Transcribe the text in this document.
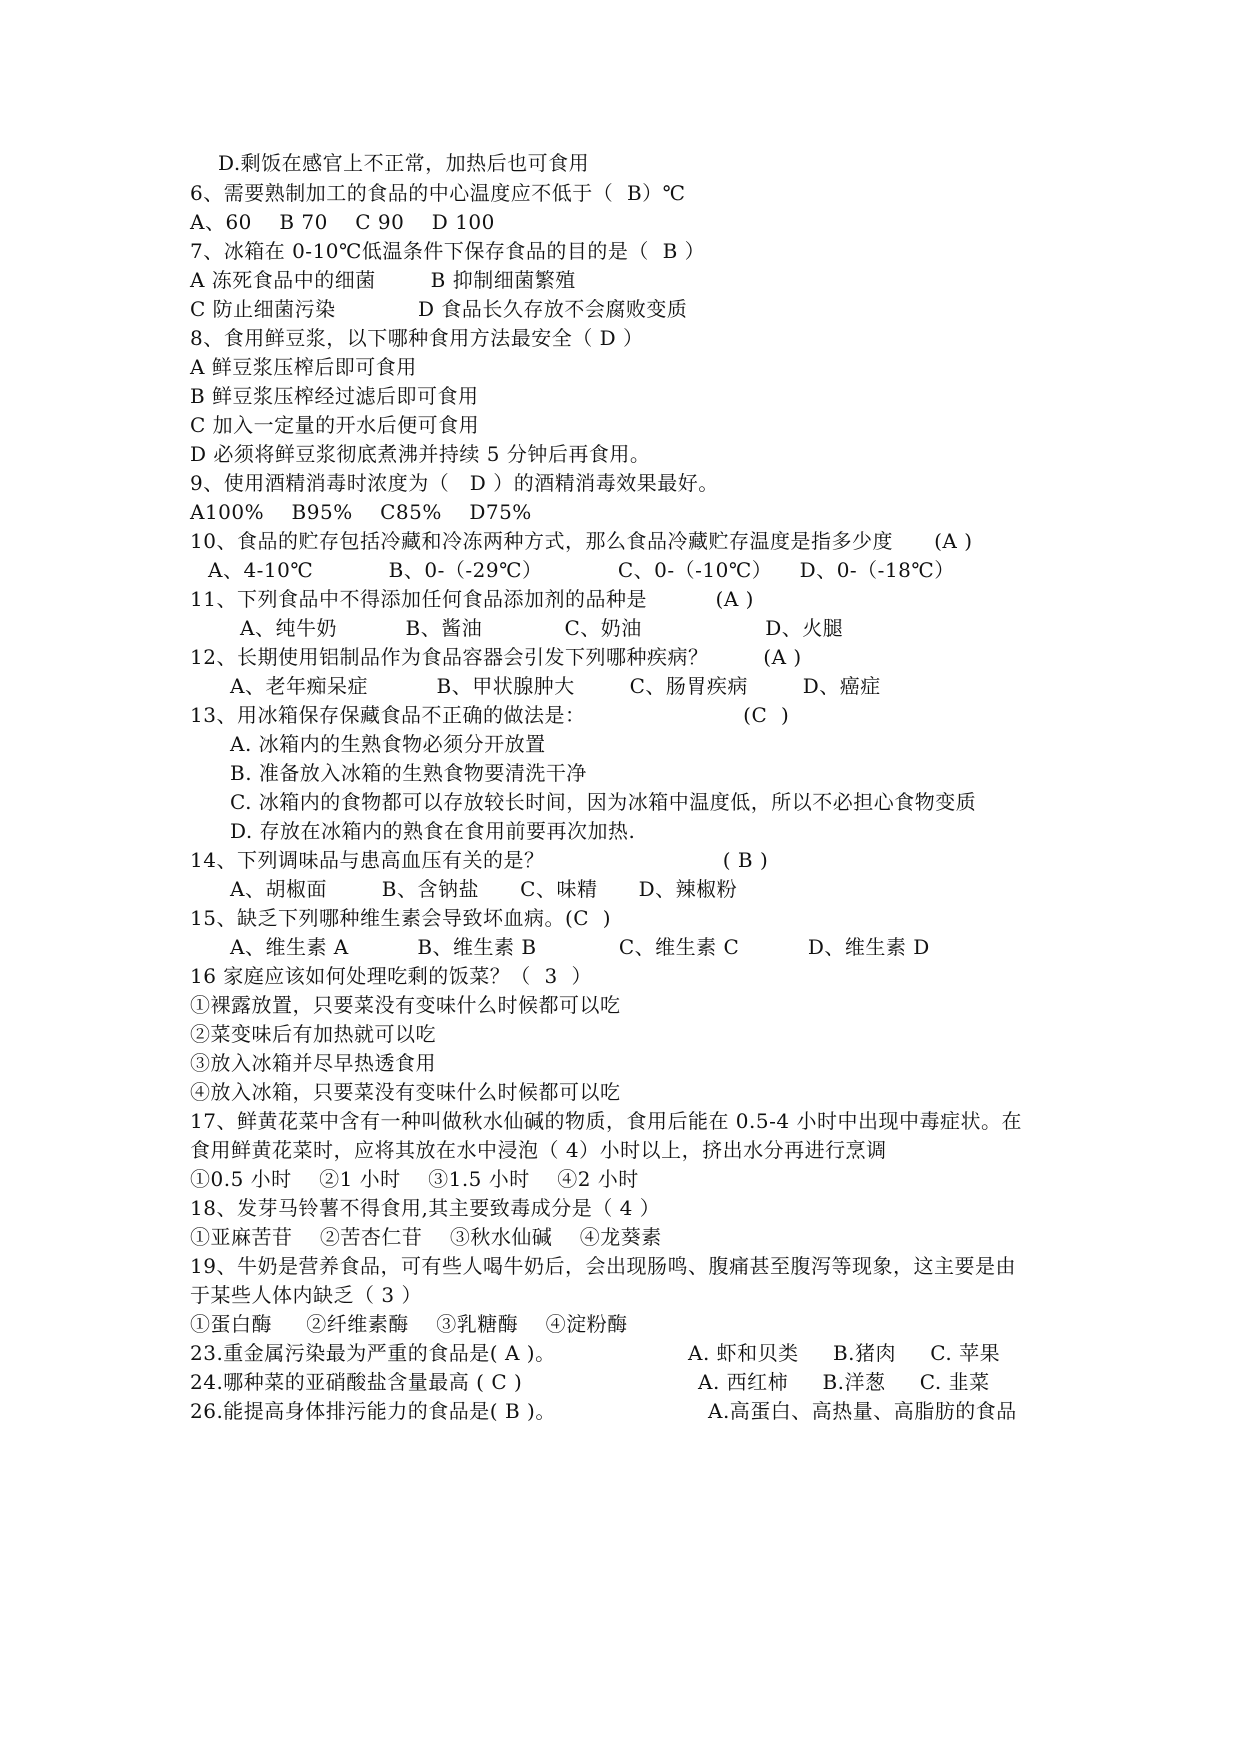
D.剩饭在感官上不正常，加热后也可食用
6、需要熟制加工的食品的中心温度应不低于（  B）℃
A、60    B 70    C 90    D 100
7、冰箱在 0-10℃低温条件下保存食品的目的是（  B ）
A 冻死食品中的细菌        B 抑制细菌繁殖
C 防止细菌污染            D 食品长久存放不会腐败变质
8、食用鲜豆浆，以下哪种食用方法最安全（ D ）
A 鲜豆浆压榨后即可食用
B 鲜豆浆压榨经过滤后即可食用
C 加入一定量的开水后便可食用
D 必须将鲜豆浆彻底煮沸并持续 5 分钟后再食用。
9、使用酒精消毒时浓度为（   D ）的酒精消毒效果最好。
A100%    B95%    C85%    D75%
10、食品的贮存包括冷藏和冷冻两种方式，那么食品冷藏贮存温度是指多少度      (A )
A、4-10℃           B、0-（-29℃）           C、0-（-10℃）    D、0-（-18℃）
11、下列食品中不得添加任何食品添加剂的品种是          (A )
A、纯牛奶          B、酱油            C、奶油                  D、火腿
12、长期使用铝制品作为食品容器会引发下列哪种疾病？        (A )
A、老年痴呆症          B、甲状腺肿大        C、肠胃疾病        D、癌症
13、用冰箱保存保藏食品不正确的做法是：                       (C  )
A. 冰箱内的生熟食物必须分开放置
B. 准备放入冰箱的生熟食物要清洗干净
C. 冰箱内的食物都可以存放较长时间，因为冰箱中温度低，所以不必担心食物变质
D. 存放在冰箱内的熟食在食用前要再次加热.
14、下列调味品与患高血压有关的是？                          ( B )
A、胡椒面        B、含钠盐      C、味精      D、辣椒粉
15、缺乏下列哪种维生素会导致坏血病。(C  )
A、维生素 A          B、维生素 B            C、维生素 C          D、维生素 D
16 家庭应该如何处理吃剩的饭菜？（  3  ）
①裸露放置，只要菜没有变味什么时候都可以吃
②菜变味后有加热就可以吃
③放入冰箱并尽早热透食用
④放入冰箱，只要菜没有变味什么时候都可以吃
17、鲜黄花菜中含有一种叫做秋水仙碱的物质，食用后能在 0.5-4 小时中出现中毒症状。在
食用鲜黄花菜时，应将其放在水中浸泡（ 4）小时以上，挤出水分再进行烹调
①0.5 小时    ②1 小时    ③1.5 小时    ④2 小时
18、发芽马铃薯不得食用,其主要致毒成分是（ 4 ）
①亚麻苦苷    ②苦杏仁苷    ③秋水仙碱    ④龙葵素
19、牛奶是营养食品，可有些人喝牛奶后，会出现肠鸣、腹痛甚至腹泻等现象，这主要是由
于某些人体内缺乏（ 3 ）
①蛋白酶     ②纤维素酶    ③乳糖酶    ④淀粉酶

23.重金属污染最为严重的食品是( A )。

	A. 虾和贝类     B.猪肉     C. 苹果

24.哪种菜的亚硝酸盐含量最高 ( C )

	A. 西红柿     B.洋葱     C. 韭菜

26.能提高身体排污能力的食品是( B )。

	A.高蛋白、高热量、高脂肪的食品
